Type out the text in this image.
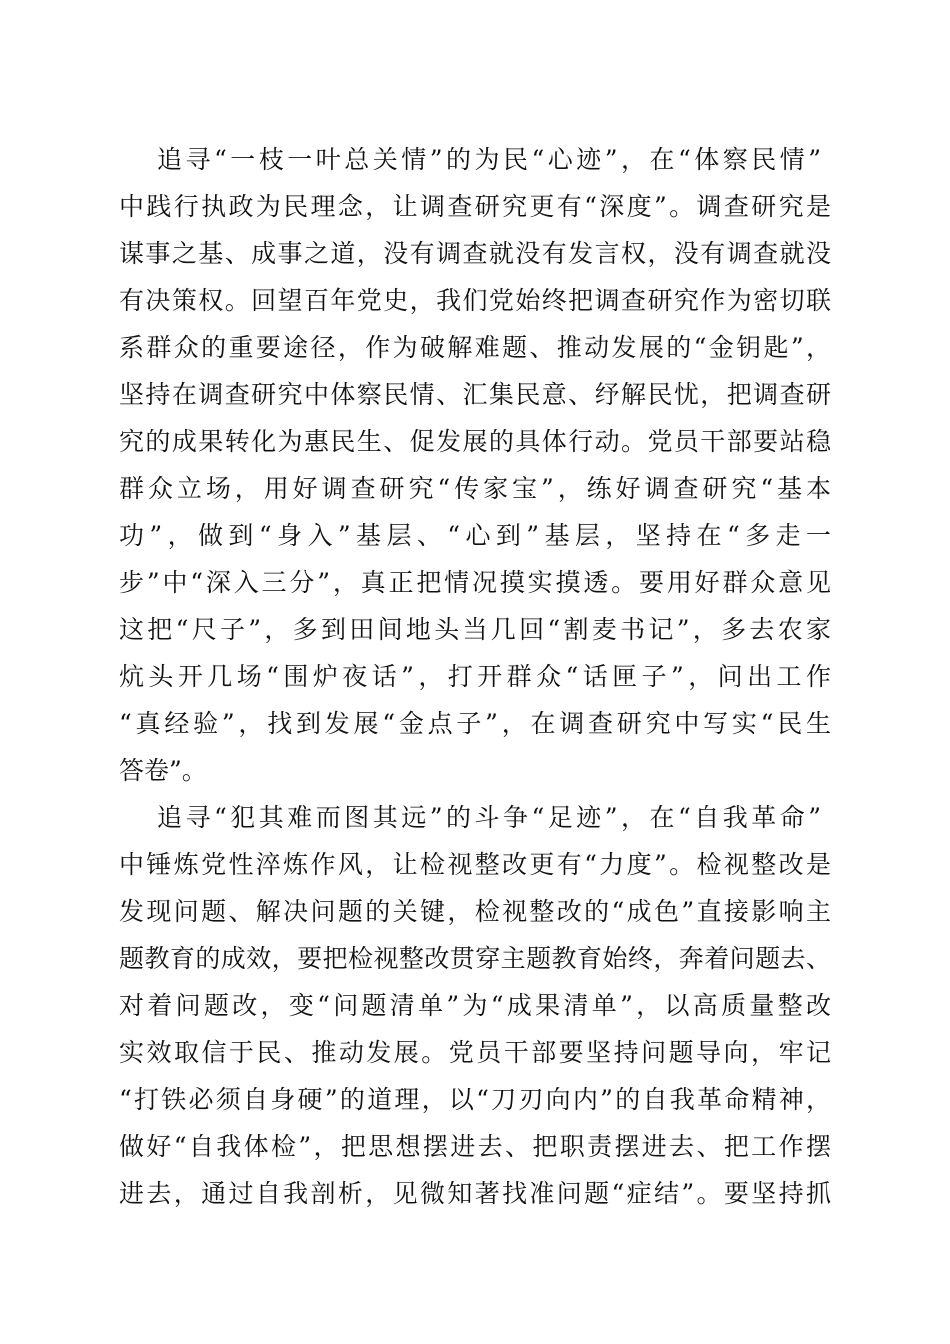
追寻“一枝一叶总关情”的为民“心迹”，在“体察民情”
中践行执政为民理念，让调查研究更有“深度”。调查研究是
谋事之基、成事之道，没有调查就没有发言权，没有调查就没
有决策权。回望百年党史，我们党始终把调查研究作为密切联
系群众的重要途径，作为破解难题、推动发展的“金钥匙”，
坚持在调查研究中体察民情、汇集民意、纾解民忧，把调查研
究的成果转化为惠民生、促发展的具体行动。党员干部要站稳
群众立场，用好调查研究“传家宝”，练好调查研究“基本
功”，做到“身入”基层、“心到”基层，坚持在“多走一
步”中“深入三分”，真正把情况摸实摸透。要用好群众意见
这把“尺子”，多到田间地头当几回“割麦书记”，多去农家
炕头开几场“围炉夜话”，打开群众“话匣子”，问出工作
“真经验”，找到发展“金点子”，在调查研究中写实“民生
答卷”。
追寻“犯其难而图其远”的斗争“足迹”，在“自我革命”
中锤炼党性淬炼作风，让检视整改更有“力度”。检视整改是
发现问题、解决问题的关键，检视整改的“成色”直接影响主
题教育的成效，要把检视整改贯穿主题教育始终，奔着问题去、
对着问题改，变“问题清单”为“成果清单”，以高质量整改
实效取信于民、推动发展。党员干部要坚持问题导向，牢记
“打铁必须自身硬”的道理，以“刀刃向内”的自我革命精神，
做好“自我体检”，把思想摆进去、把职责摆进去、把工作摆
进去，通过自我剖析，见微知著找准问题“症结”。要坚持抓
